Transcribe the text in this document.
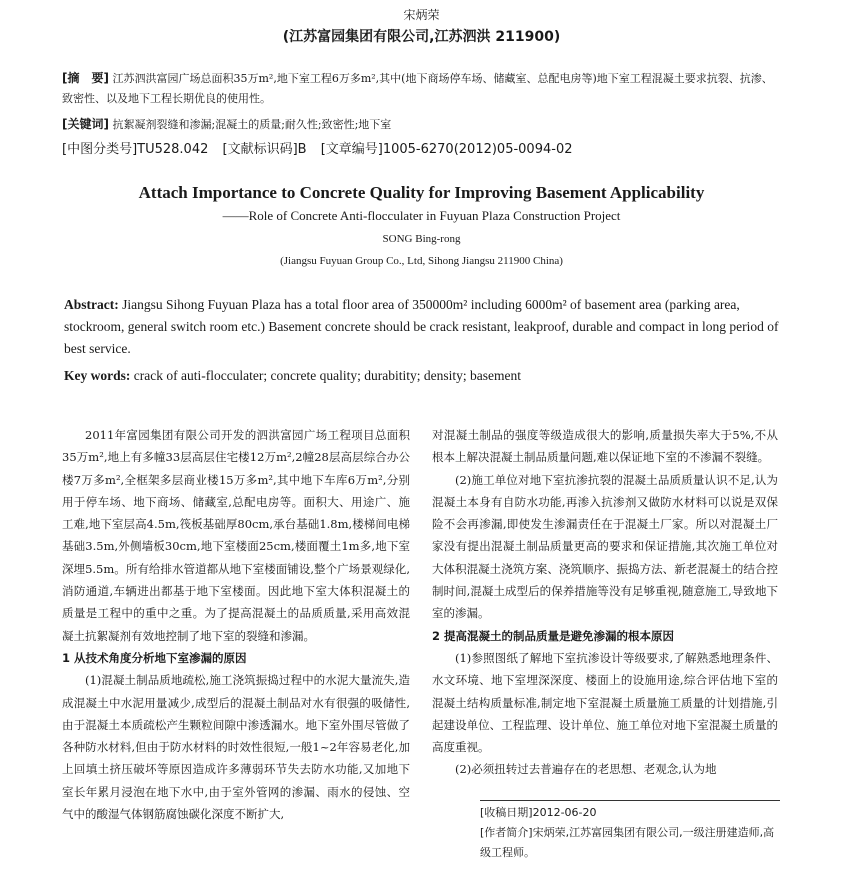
宋炳荣
(江苏富园集团有限公司,江苏泗洪 211900)
[摘　要] 江苏泗洪富园广场总面积35万m²,地下室工程6万多m²,其中(地下商场停车场、储藏室、总配电房等)地下室工程混凝土要求抗裂、抗渗、致密性、以及地下工程长期优良的使用性。
[关键词] 抗絮凝剂裂缝和渗漏;混凝土的质量;耐久性;致密性;地下室
[中图分类号]TU528.042 [文献标识码]B [文章编号]1005-6270(2012)05-0094-02
Attach Importance to Concrete Quality for Improving Basement Applicability
——Role of Concrete Anti-flocculater in Fuyuan Plaza Construction Project
SONG Bing-rong
(Jiangsu Fuyuan Group Co., Ltd, Sihong Jiangsu 211900 China)
Abstract: Jiangsu Sihong Fuyuan Plaza has a total floor area of 350000m² including 6000m² of basement area (parking area, stockroom, general switch room etc.) Basement concrete should be crack resistant, leakproof, durable and compact in long period of best service.
Key words: crack of auti-flocculater; concrete quality; durabitity; density; basement

2011年富园集团有限公司开发的泗洪富园广场工程项目总面积35万m²,地上有多幢33层高层住宅楼12万m²,2幢28层高层综合办公楼7万多m²,全框架多层商业楼15万多m²,其中地下车库6万m²,分别用于停车场、地下商场、储藏室,总配电房等。面积大、用途广、施工难,地下室层高4.5m,筏板基础厚80cm,承台基础1.8m,楼梯间电梯基础3.5m,外侧墙板30cm,地下室楼面25cm,楼面覆土1m多,地下室深埋5.5m。所有给排水管道都从地下室楼面铺设,整个广场景观绿化,消防通道,车辆进出都基于地下室楼面。因此地下室大体积混凝土的质量是工程中的重中之重。为了提高混凝土的品质质量,采用高效混凝土抗絮凝剂有效地控制了地下室的裂缝和渗漏。

1 从技术角度分析地下室渗漏的原因

(1)混凝土制品质地疏松,施工浇筑振捣过程中的水泥大量流失,造成混凝土中水泥用量减少,成型后的混凝土制品对水有很强的吸储性,由于混凝土本质疏松产生颗粒间隙中渗透漏水。地下室外围尽管做了各种防水材料,但由于防水材料的时效性很短,一般1~2年容易老化,加上回填土挤压破坏等原因造成许多薄弱环节失去防水功能,又加地下室长年累月浸泡在地下水中,由于室外管网的渗漏、雨水的侵蚀、空气中的酸湿气体钢筋腐蚀碳化深度不断扩大,

对混凝土制品的强度等级造成很大的影响,质量损失率大于5%,不从根本上解决混凝土制品质量问题,难以保证地下室的不渗漏不裂缝。

(2)施工单位对地下室抗渗抗裂的混凝土品质质量认识不足,认为混凝土本身有自防水功能,再渗入抗渗剂又做防水材料可以说是双保险不会再渗漏,即使发生渗漏责任在于混凝土厂家。所以对混凝土厂家没有提出混凝土制品质量更高的要求和保证措施,其次施工单位对大体积混凝土浇筑方案、浇筑顺序、振捣方法、新老混凝土的结合控制时间,混凝土成型后的保养措施等没有足够重视,随意施工,导致地下室的渗漏。

2 提高混凝土的制品质量是避免渗漏的根本原因

(1)参照图纸了解地下室抗渗设计等级要求,了解熟悉地理条件、水文环境、地下室埋深深度、楼面上的设施用途,综合评估地下室的混凝土结构质量标准,制定地下室混凝土质量施工质量的计划措施,引起建设单位、工程监理、设计单位、施工单位对地下室混凝土质量的高度重视。

(2)必须扭转过去普遍存在的老思想、老观念,认为地

[收稿日期]2012-06-20
[作者简介]宋炳荣,江苏富园集团有限公司,一级注册建造师,高级工程师。
